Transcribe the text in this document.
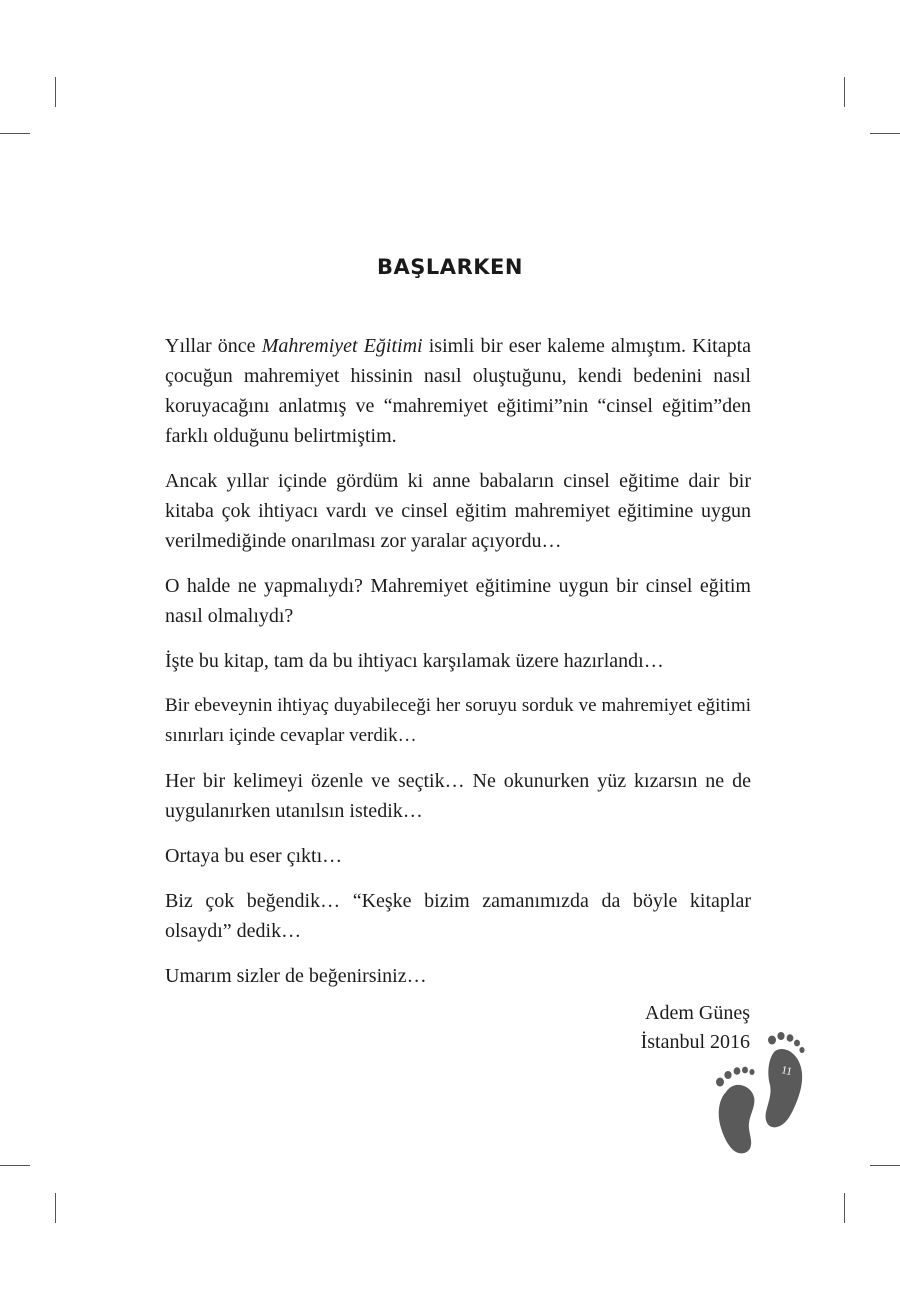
BAŞLARKEN

Yıllar önce Mahremiyet Eğitimi isimli bir eser kaleme almıştım. Kitapta çocuğun mahremiyet hissinin nasıl oluştuğunu, kendi bedenini nasıl koruyacağını anlatmış ve “mahremiyet eğitimi”nin “cinsel eğitim”den farklı olduğunu belirtmiştim.

Ancak yıllar içinde gördüm ki anne babaların cinsel eğitime dair bir kitaba çok ihtiyacı vardı ve cinsel eğitim mahremiyet eğitimine uygun verilmediğinde onarılması zor yaralar açıyordu…

O halde ne yapmalıydı? Mahremiyet eğitimine uygun bir cinsel eğitim nasıl olmalıydı?

İşte bu kitap, tam da bu ihtiyacı karşılamak üzere hazırlandı…

Bir ebeveynin ihtiyaç duyabileceği her soruyu sorduk ve mahremiyet eğitimi sınırları içinde cevaplar verdik…

Her bir kelimeyi özenle ve seçtik… Ne okunurken yüz kızarsın ne de uygulanırken utanılsın istedik…

Ortaya bu eser çıktı…

Biz çok beğendik… “Keşke bizim zamanımızda da böyle kitaplar olsaydı” dedik…

Umarım sizler de beğenirsiniz…

Adem Güneş
İstanbul 2016
11
